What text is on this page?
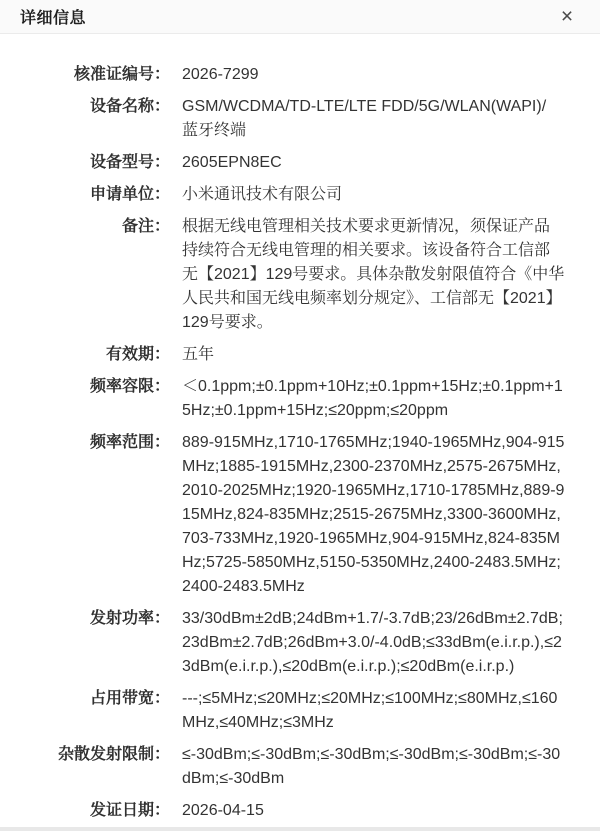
详细信息	×
核准证编号： 2026-7299
设备名称： GSM/WCDMA/TD-LTE/LTE FDD/5G/WLAN(WAPI)/ 蓝牙终端
设备型号： 2605EPN8EC
申请单位： 小米通讯技术有限公司
备注： 根据无线电管理相关技术要求更新情况，须保证产品持续符合无线电管理的相关要求。该设备符合工信部无【2021】129号要求。具体杂散发射限值符合《中华人民共和国无线电频率划分规定》、工信部无【2021】129号要求。
有效期： 五年
频率容限： ＜0.1ppm;±0.1ppm+10Hz;±0.1ppm+15Hz;±0.1ppm+15Hz;±0.1ppm+15Hz;≤20ppm;≤20ppm
频率范围： 889-915MHz,1710-1765MHz;1940-1965MHz,904-915MHz;1885-1915MHz,2300-2370MHz,2575-2675MHz,2010-2025MHz;1920-1965MHz,1710-1785MHz,889-915MHz,824-835MHz;2515-2675MHz,3300-3600MHz,703-733MHz,1920-1965MHz,904-915MHz,824-835MHz;5725-5850MHz,5150-5350MHz,2400-2483.5MHz;2400-2483.5MHz
发射功率： 33/30dBm±2dB;24dBm+1.7/-3.7dB;23/26dBm±2.7dB;23dBm±2.7dB;26dBm+3.0/-4.0dB;≤33dBm(e.i.r.p.),≤23dBm(e.i.r.p.),≤20dBm(e.i.r.p.);≤20dBm(e.i.r.p.)
占用带宽： ---;≤5MHz;≤20MHz;≤20MHz;≤100MHz;≤80MHz,≤160MHz,≤40MHz;≤3MHz
杂散发射限制： ≤-30dBm;≤-30dBm;≤-30dBm;≤-30dBm;≤-30dBm;≤-30dBm;≤-30dBm
发证日期： 2026-04-15
